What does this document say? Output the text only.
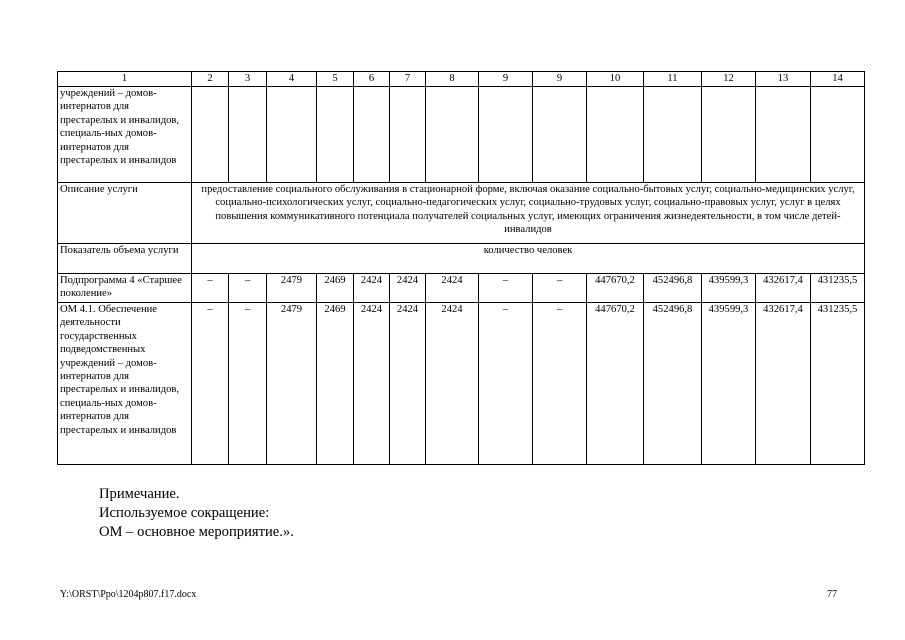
1	2	3	4	5	6	7	8	9	9	10	11	12	13	14
учреждений – домов-интернатов для престарелых и инвалидов, специаль-ных домов-интернатов для престарелых и инвалидов														
Описание услуги	предоставление социального обслуживания в стационарной форме, включая оказание социально-бытовых услуг, социально-медицинских услуг, социально-психологических услуг, социально-педагогических услуг, социально-трудовых услуг, социально-правовых услуг, услуг в целях повышения коммуникативного потенциала получателей социальных услуг, имеющих ограничения жизнедеятельности, в том числе детей-инвалидов													
Показатель объема услуги	количество человек													
Подпрограмма 4 «Старшее поколение»	–	–	2479	2469	2424	2424	2424	–	–	447670,2	452496,8	439599,3	432617,4	431235,5
ОМ 4.1. Обеспечение деятельности государственных подведомственных учреждений – домов-интернатов для престарелых и инвалидов, специаль-ных домов-интернатов для престарелых и инвалидов	–	–	2479	2469	2424	2424	2424	–	–	447670,2	452496,8	439599,3	432617,4	431235,5
Примечание.
Используемое сокращение:
ОМ – основное мероприятие.».
Y:\ORST\Ppo\1204p807.f17.docx	77
